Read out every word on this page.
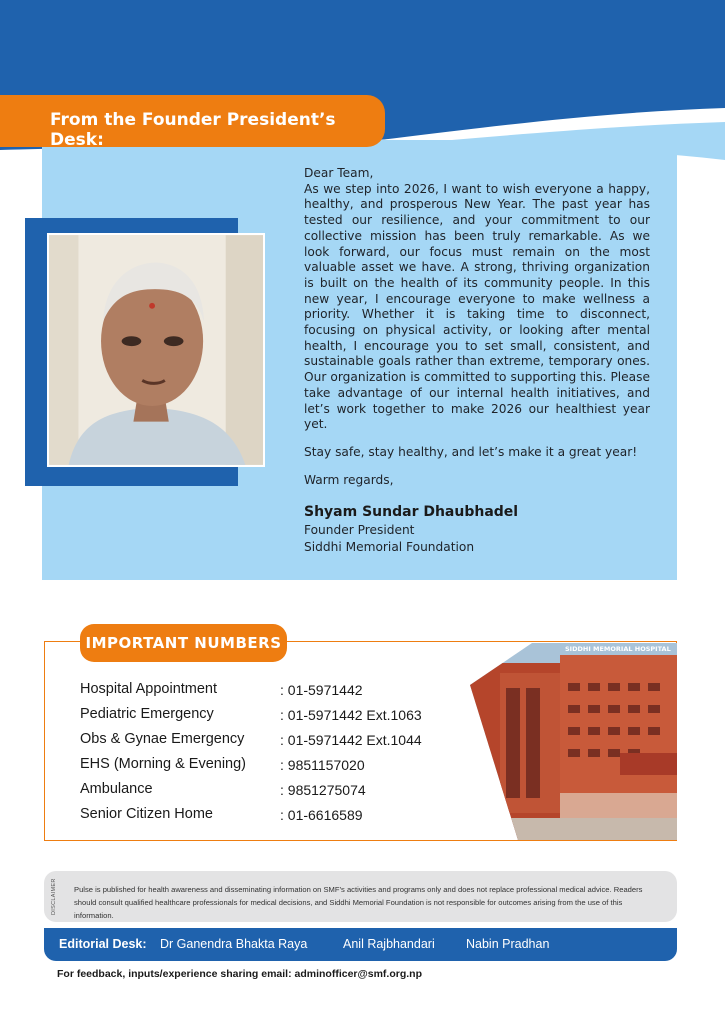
From the Founder President’s Desk:

Dear Team,

As we step into 2026, I want to wish everyone a happy, healthy, and prosperous New Year. The past year has tested our resilience, and your commitment to our collective mission has been truly remarkable. As we look forward, our focus must remain on the most valuable asset we have. A strong, thriving organization is built on the health of its community people. In this new year, I encourage everyone to make wellness a priority. Whether it is taking time to disconnect, focusing on physical activity, or looking after mental health, I encourage you to set small, consistent, and sustainable goals rather than extreme, temporary ones. Our organization is committed to supporting this. Please take advantage of our internal health initiatives, and let’s work together to make 2026 our healthiest year yet.

Stay safe, stay healthy, and let’s make it a great year!

Warm regards,

Shyam Sundar Dhaubhadel
Founder President
Siddhi Memorial Foundation
IMPORTANT NUMBERS
Hospital Appointment	: 01-5971442
Pediatric Emergency	: 01-5971442 Ext.1063
Obs & Gynae Emergency	: 01-5971442 Ext.1044
EHS (Morning & Evening) : 9851157020
Ambulance	: 9851275074
Senior Citizen Home	: 01-6616589
SIDDHI MEMORIAL HOSPITAL
DISCLAIMER Pulse is published for health awareness and disseminating information on SMF’s activities and programs only and does not replace professional medical advice. Readers should consult qualified healthcare professionals for medical decisions, and Siddhi Memorial Foundation is not responsible for outcomes arising from the use of this information.
Editorial Desk: Dr Ganendra Bhakta Raya	Anil Rajbhandari	Nabin Pradhan
For feedback, inputs/experience sharing email: adminofficer@smf.org.np
